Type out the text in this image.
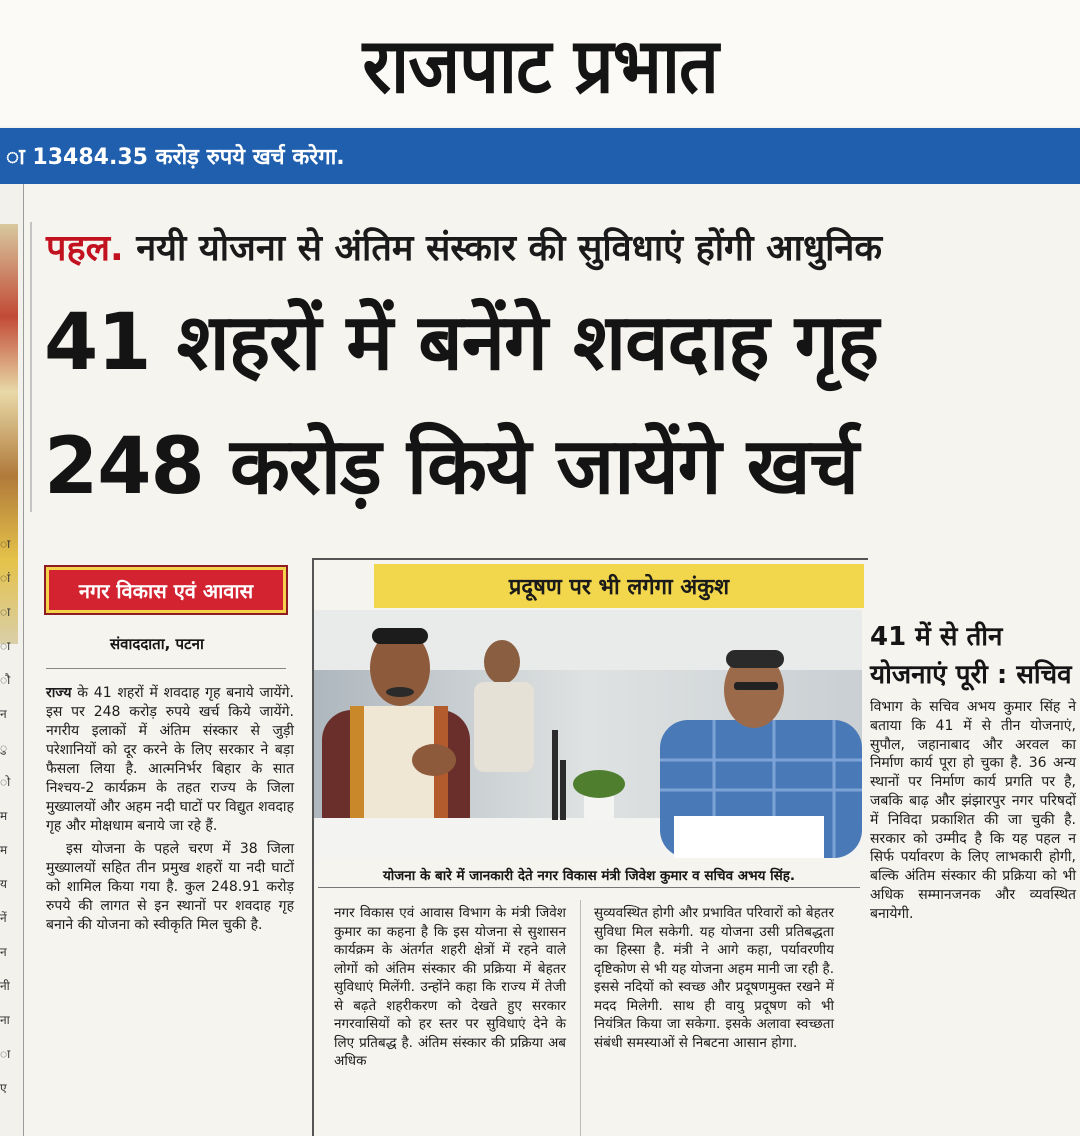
राजपाट प्रभात
ा 13484.35 करोड़ रुपये खर्च करेगा.
ा
ां
ा
ा
ौ
न
ु
ो
म
म
य
नें
न
नी
ना
ा
ए
पहल. नयी योजना से अंतिम संस्कार की सुविधाएं होंगी आधुनिक
41 शहरों में बनेंगे शवदाह गृह
248 करोड़ किये जायेंगे खर्च
नगर विकास एवं आवास
संवाददाता, पटना

राज्य के 41 शहरों में शवदाह गृह बनाये जायेंगे. इस पर 248 करोड़ रुपये खर्च किये जायेंगे. नगरीय इलाकों में अंतिम संस्कार से जुड़ी परेशानियों को दूर करने के लिए सरकार ने बड़ा फैसला लिया है. आत्मनिर्भर बिहार के सात निश्चय-2 कार्यक्रम के तहत राज्य के जिला मुख्यालयों और अहम नदी घाटों पर विद्युत शवदाह गृह और मोक्षधाम बनाये जा रहे हैं.

इस योजना के पहले चरण में 38 जिला मुख्यालयों सहित तीन प्रमुख शहरों या नदी घाटों को शामिल किया गया है. कुल 248.91 करोड़ रुपये की लागत से इन स्थानों पर शवदाह गृह बनाने की योजना को स्वीकृति मिल चुकी है.

प्रदूषण पर भी लगेगा अंकुश
योजना के बारे में जानकारी देते नगर विकास मंत्री जिवेश कुमार व सचिव अभय सिंह.
नगर विकास एवं आवास विभाग के मंत्री जिवेश कुमार का कहना है कि इस योजना से सुशासन कार्यक्रम के अंतर्गत शहरी क्षेत्रों में रहने वाले लोगों को अंतिम संस्कार की प्रक्रिया में बेहतर सुविधाएं मिलेंगी. उन्होंने कहा कि राज्य में तेजी से बढ़ते शहरीकरण को देखते हुए सरकार नगरवासियों को हर स्तर पर सुविधाएं देने के लिए प्रतिबद्ध है. अंतिम संस्कार की प्रक्रिया अब अधिक
सुव्यवस्थित होगी और प्रभावित परिवारों को बेहतर सुविधा मिल सकेगी. यह योजना उसी प्रतिबद्धता का हिस्सा है. मंत्री ने आगे कहा, पर्यावरणीय दृष्टिकोण से भी यह योजना अहम मानी जा रही है. इससे नदियों को स्वच्छ और प्रदूषणमुक्त रखने में मदद मिलेगी. साथ ही वायु प्रदूषण को भी नियंत्रित किया जा सकेगा. इसके अलावा स्वच्छता संबंधी समस्याओं से निबटना आसान होगा.
41 में से तीन योजनाएं पूरी : सचिव
विभाग के सचिव अभय कुमार सिंह ने बताया कि 41 में से तीन योजनाएं, सुपौल, जहानाबाद और अरवल का निर्माण कार्य पूरा हो चुका है. 36 अन्य स्थानों पर निर्माण कार्य प्रगति पर है, जबकि बाढ़ और झंझारपुर नगर परिषदों में निविदा प्रकाशित की जा चुकी है. सरकार को उम्मीद है कि यह पहल न सिर्फ पर्यावरण के लिए लाभकारी होगी, बल्कि अंतिम संस्कार की प्रक्रिया को भी अधिक सम्मानजनक और व्यवस्थित बनायेगी.
